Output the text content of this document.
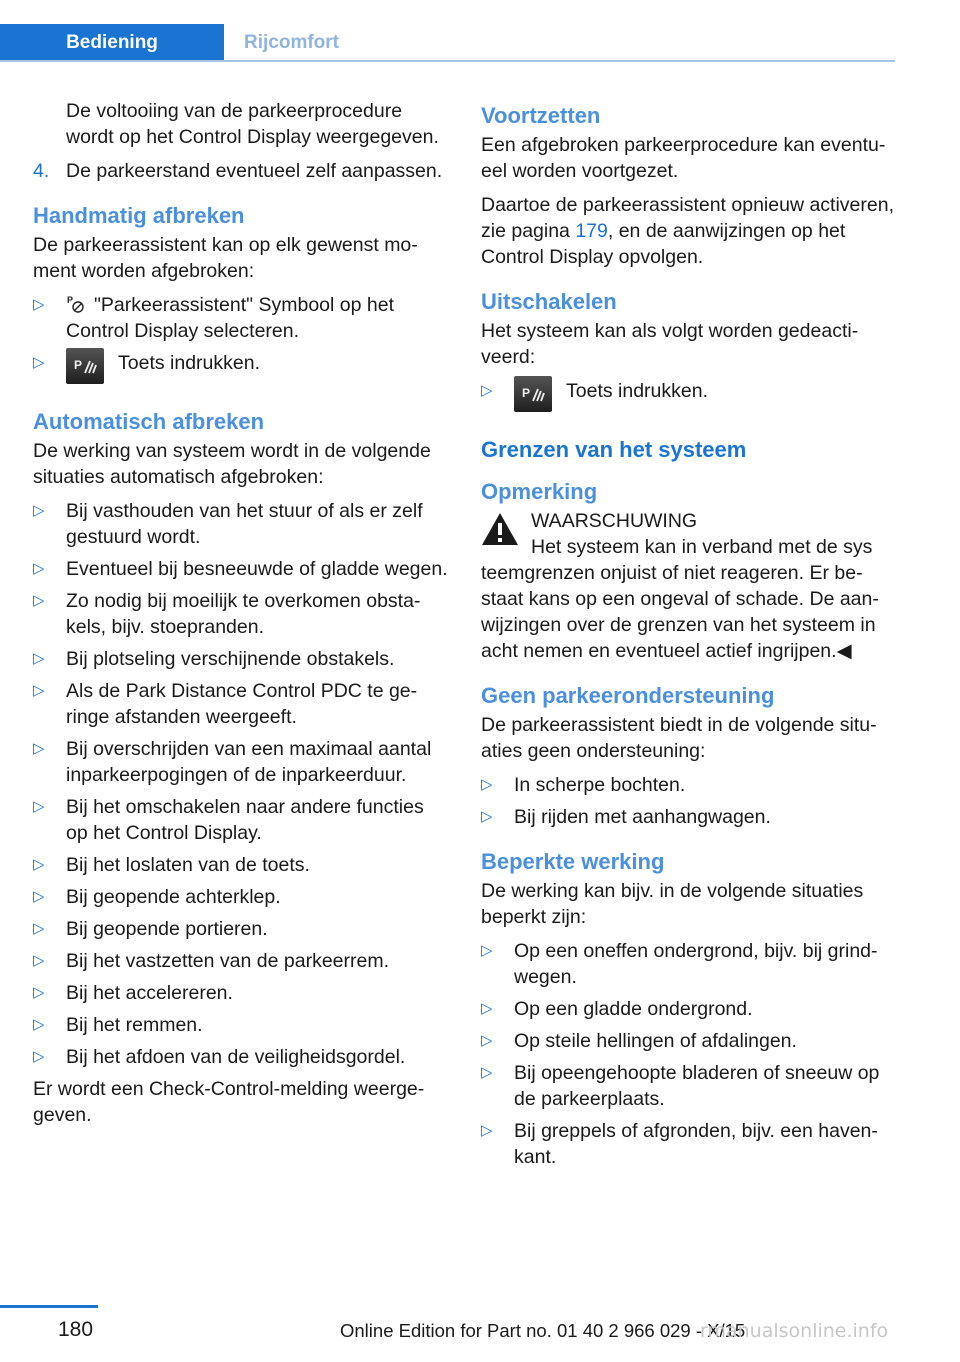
Bediening	Rijcomfort

De voltooiing van de parkeerprocedure wordt op het Control Display weergegeven.

4. De parkeerstand eventueel zelf aanpassen.
Handmatig afbreken

De parkeerassistent kan op elk gewenst moment worden afgebroken:

▷ P "Parkeerassistent" Symbool op het Control Display selecteren.
▷ P Toets indrukken.
Automatisch afbreken

De werking van systeem wordt in de volgende situaties automatisch afgebroken:

▷ Bij vasthouden van het stuur of als er zelf gestuurd wordt.
▷ Eventueel bij besneeuwde of gladde wegen.
▷ Zo nodig bij moeilijk te overkomen obstakels, bijv. stoepranden.
▷ Bij plotseling verschijnende obstakels.
▷ Als de Park Distance Control PDC te geringe afstanden weergeeft.
▷ Bij overschrijden van een maximaal aantal inparkeerpogingen of de inparkeerduur.
▷ Bij het omschakelen naar andere functies op het Control Display.
▷ Bij het loslaten van de toets.
▷ Bij geopende achterklep.
▷ Bij geopende portieren.
▷ Bij het vastzetten van de parkeerrem.
▷ Bij het accelereren.
▷ Bij het remmen.
▷ Bij het afdoen van de veiligheidsgordel.

Er wordt een Check-Control-melding weergegeven.

Voortzetten

Een afgebroken parkeerprocedure kan eventueel worden voortgezet.

Daartoe de parkeerassistent opnieuw activeren, zie pagina 179, en de aanwijzingen op het Control Display opvolgen.

Uitschakelen

Het systeem kan als volgt worden gedeactiveerd:

▷ P Toets indrukken.
Grenzen van het systeem
Opmerking
WAARSCHUWING
Het systeem kan in verband met de sys

teemgrenzen onjuist of niet reageren. Er bestaat kans op een ongeval of schade. De aanwijzingen over de grenzen van het systeem in acht nemen en eventueel actief ingrijpen.◀

Geen parkeerondersteuning

De parkeerassistent biedt in de volgende situaties geen ondersteuning:

▷ In scherpe bochten.
▷ Bij rijden met aanhangwagen.
Beperkte werking

De werking kan bijv. in de volgende situaties beperkt zijn:

▷ Op een oneffen ondergrond, bijv. bij grindwegen.
▷ Op een gladde ondergrond.
▷ Op steile hellingen of afdalingen.
▷ Bij opeengehoopte bladeren of sneeuw op de parkeerplaats.
▷ Bij greppels of afgronden, bijv. een havenkant.
180	Online Edition for Part no. 01 40 2 966 029 - X/15
rmanualsonline.info
